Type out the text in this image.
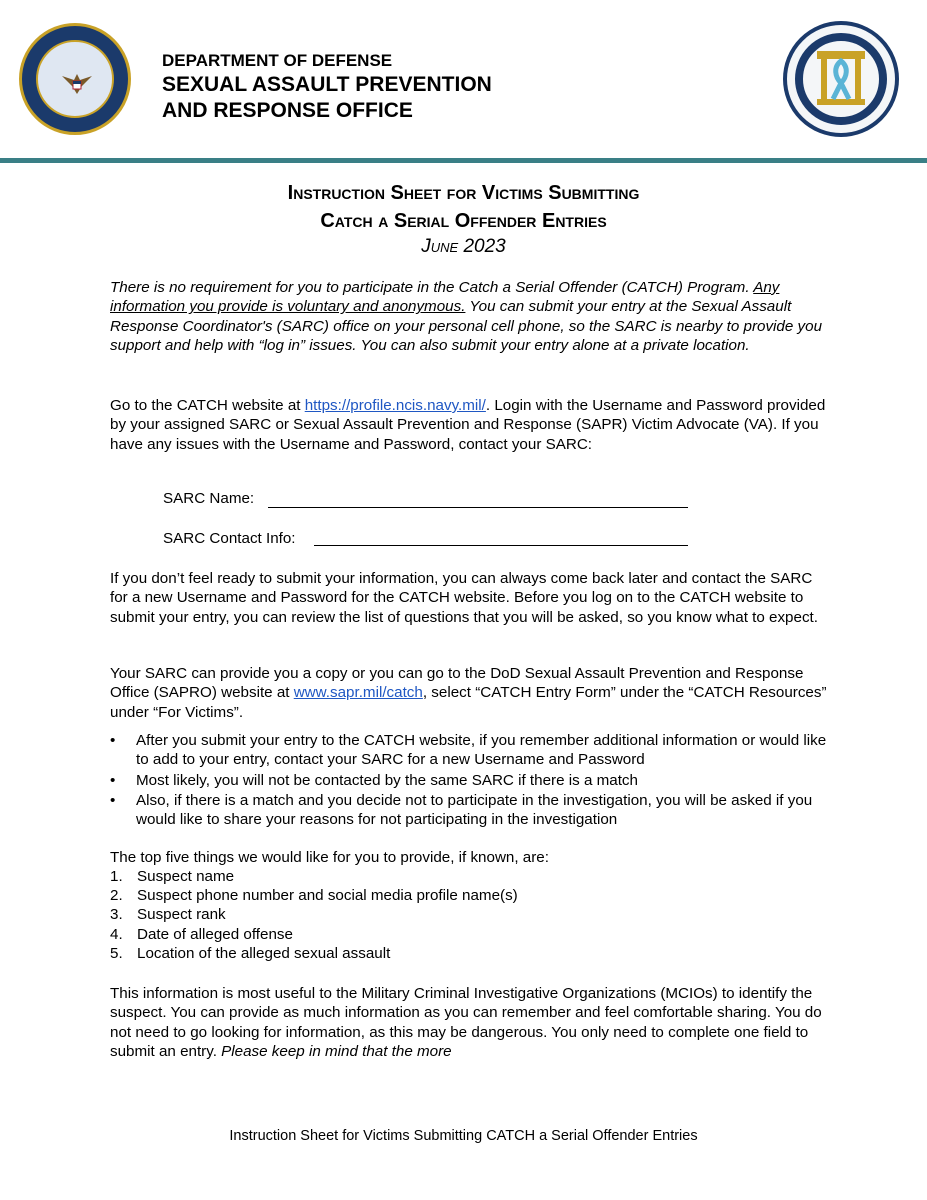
DEPARTMENT OF DEFENSE
SEXUAL ASSAULT PREVENTION
AND RESPONSE OFFICE
Instruction Sheet for Victims Submitting
Catch a Serial Offender Entries
June 2023

There is no requirement for you to participate in the Catch a Serial Offender (CATCH) Program. Any information you provide is voluntary and anonymous. You can submit your entry at the Sexual Assault Response Coordinator's (SARC) office on your personal cell phone, so the SARC is nearby to provide you support and help with “log in” issues. You can also submit your entry alone at a private location.

Go to the CATCH website at https://profile.ncis.navy.mil/. Login with the Username and Password provided by your assigned SARC or Sexual Assault Prevention and Response (SAPR) Victim Advocate (VA). If you have any issues with the Username and Password, contact your SARC:

SARC Name:
SARC Contact Info:

If you don’t feel ready to submit your information, you can always come back later and contact the SARC for a new Username and Password for the CATCH website. Before you log on to the CATCH website to submit your entry, you can review the list of questions that you will be asked, so you know what to expect.

Your SARC can provide you a copy or you can go to the DoD Sexual Assault Prevention and Response Office (SAPRO) website at www.sapr.mil/catch, select “CATCH Entry Form” under the “CATCH Resources” under “For Victims”.

• After you submit your entry to the CATCH website, if you remember additional information or would like to add to your entry, contact your SARC for a new Username and Password
• Most likely, you will not be contacted by the same SARC if there is a match
• Also, if there is a match and you decide not to participate in the investigation, you will be asked if you would like to share your reasons for not participating in the investigation
The top five things we would like for you to provide, if known, are:
1. Suspect name
2. Suspect phone number and social media profile name(s)
3. Suspect rank
4. Date of alleged offense
5. Location of the alleged sexual assault

This information is most useful to the Military Criminal Investigative Organizations (MCIOs) to identify the suspect. You can provide as much information as you can remember and feel comfortable sharing. You do not need to go looking for information, as this may be dangerous. You only need to complete one field to submit an entry. Please keep in mind that the more

Instruction Sheet for Victims Submitting CATCH a Serial Offender Entries
